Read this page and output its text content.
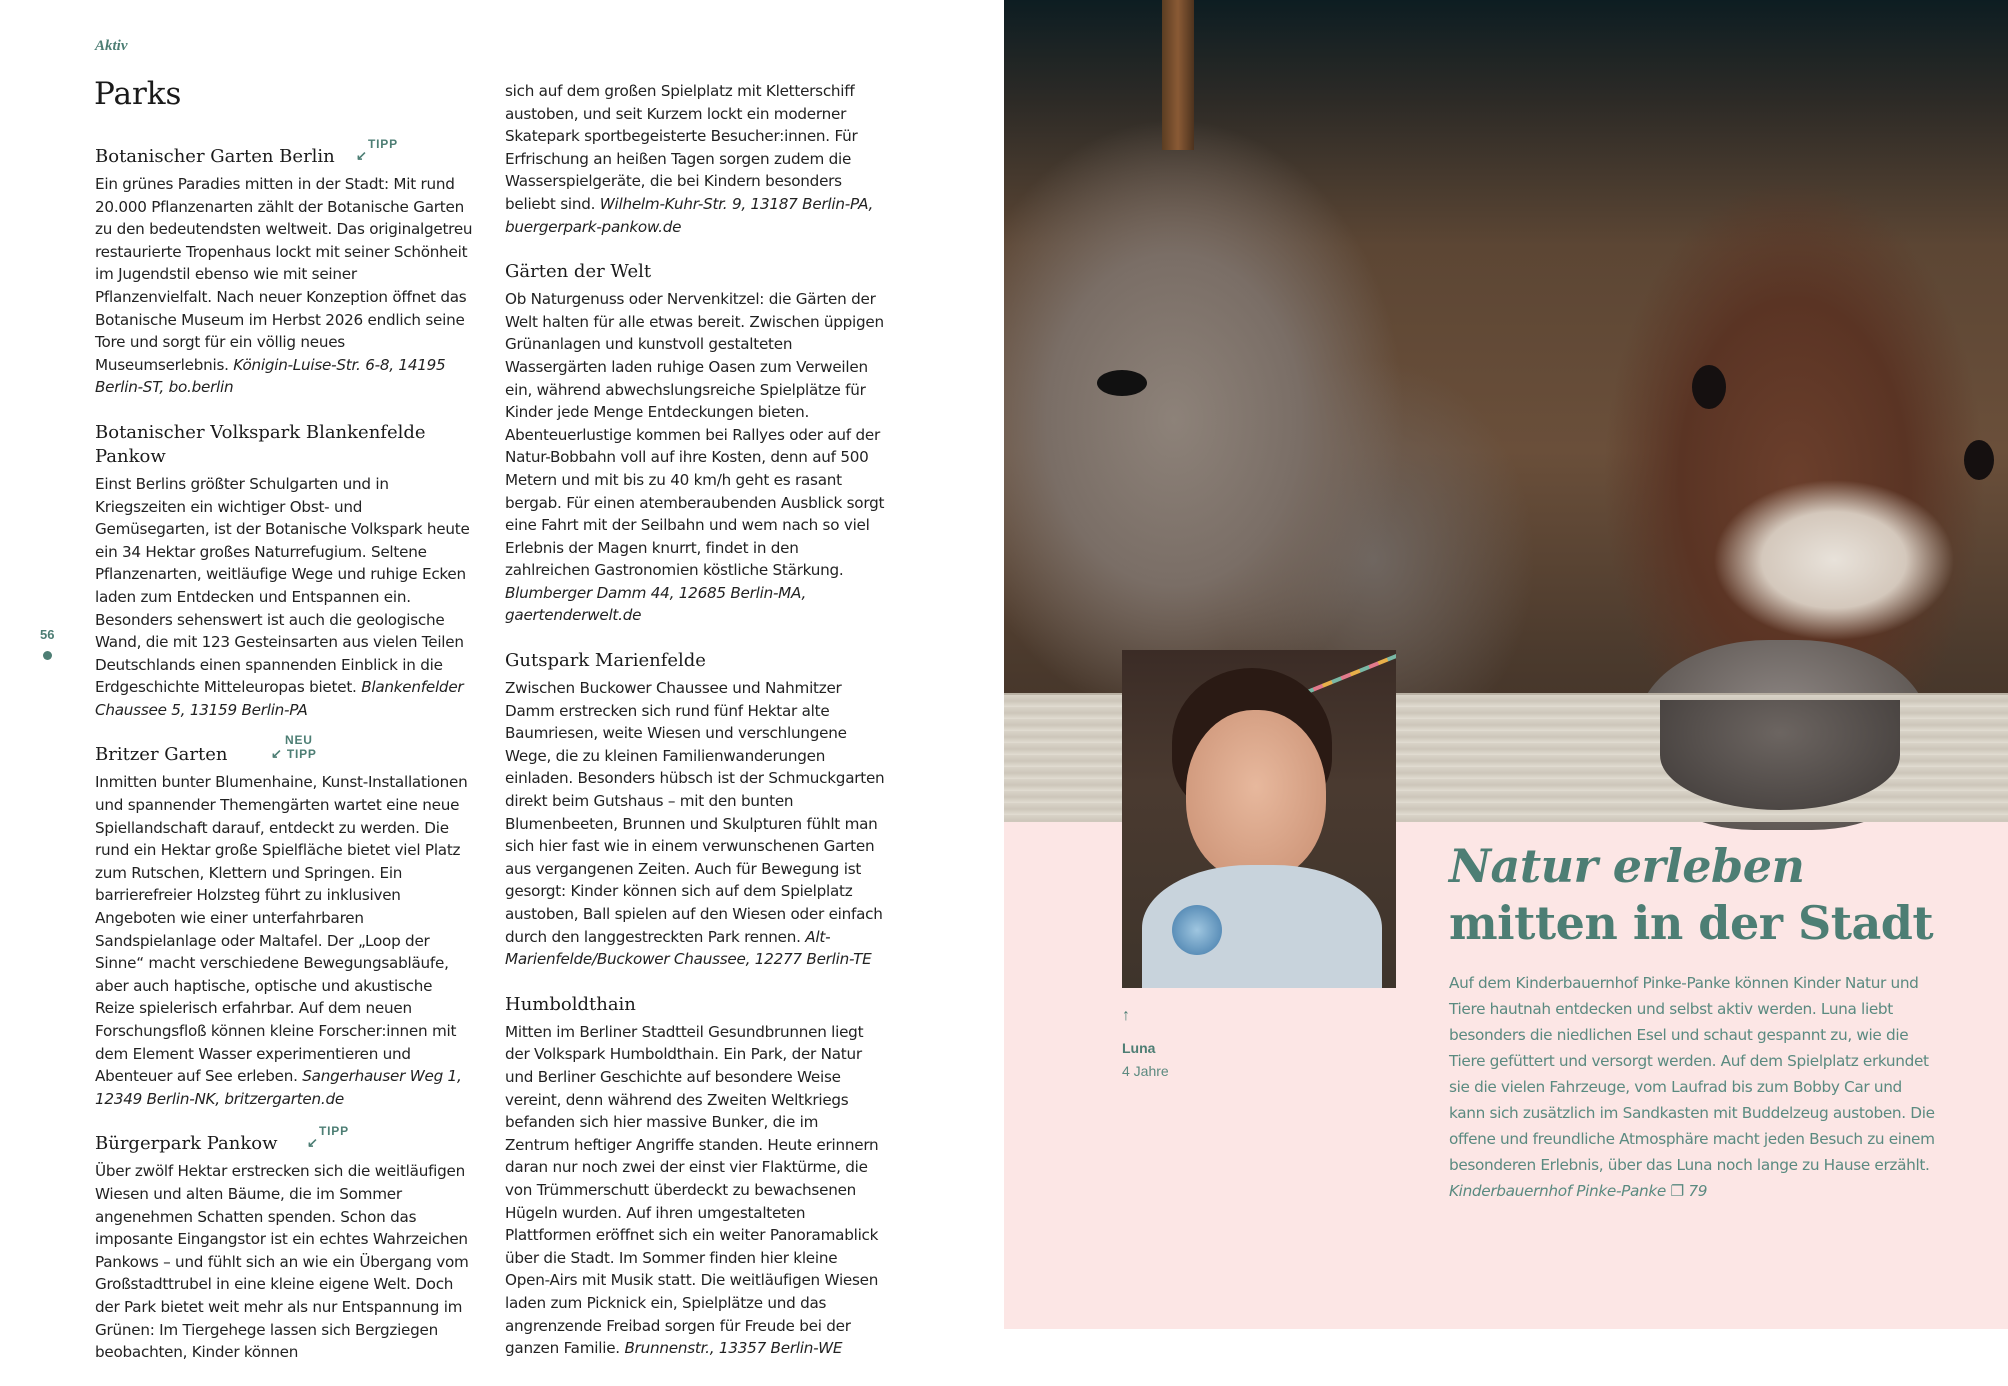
Aktiv
Parks
56
↙
TIPP
Botanischer Garten Berlin

Ein grünes Paradies mitten in der Stadt: Mit rund 20.000 Pflanzenarten zählt der Botanische Garten zu den bedeutendsten weltweit. Das originalgetreu restaurierte Tropenhaus lockt mit seiner Schönheit im Jugendstil ebenso wie mit seiner Pflanzenvielfalt. Nach neuer Konzeption öffnet das Botanische Museum im Herbst 2026 endlich seine Tore und sorgt für ein völlig neues Museumserlebnis. Königin-Luise-Str. 6-8, 14195 Berlin-ST, bo.berlin

Botanischer Volkspark Blankenfelde Pankow

Einst Berlins größter Schulgarten und in Kriegszeiten ein wichtiger Obst- und Gemüsegarten, ist der Botanische Volkspark heute ein 34 Hektar großes Naturrefugium. Seltene Pflanzenarten, weitläufige Wege und ruhige Ecken laden zum Entdecken und Entspannen ein. Besonders sehenswert ist auch die geologische Wand, die mit 123 Gesteinsarten aus vielen Teilen Deutschlands einen spannenden Einblick in die Erdgeschichte Mitteleuropas bietet. Blankenfelder Chaussee 5, 13159 Berlin-PA

NEU
↙ TIPP
Britzer Garten

Inmitten bunter Blumenhaine, Kunst-Installationen und spannender Themengärten wartet eine neue Spiellandschaft darauf, entdeckt zu werden. Die rund ein Hektar große Spielfläche bietet viel Platz zum Rutschen, Klettern und Springen. Ein barrierefreier Holzsteg führt zu inklusiven Angeboten wie einer unterfahrbaren Sandspielanlage oder Maltafel. Der „Loop der Sinne“ macht verschiedene Bewegungsabläufe, aber auch haptische, optische und akustische Reize spielerisch erfahrbar. Auf dem neuen Forschungsfloß können kleine Forscher:innen mit dem Element Wasser experimentieren und Abenteuer auf See erleben. Sangerhauser Weg 1, 12349 Berlin-NK, britzergarten.de

↙
TIPP
Bürgerpark Pankow

Über zwölf Hektar erstrecken sich die weitläufigen Wiesen und alten Bäume, die im Sommer angenehmen Schatten spenden. Schon das imposante Eingangstor ist ein echtes Wahrzeichen Pankows – und fühlt sich an wie ein Übergang vom Großstadttrubel in eine kleine eigene Welt. Doch der Park bietet weit mehr als nur Entspannung im Grünen: Im Tiergehege lassen sich Bergziegen beobachten, Kinder können

sich auf dem großen Spielplatz mit Kletterschiff austoben, und seit Kurzem lockt ein moderner Skatepark sportbegeisterte Besucher:innen. Für Erfrischung an heißen Tagen sorgen zudem die Wasserspielgeräte, die bei Kindern besonders beliebt sind. Wilhelm-Kuhr-Str. 9, 13187 Berlin-PA, buergerpark-pankow.de

Gärten der Welt

Ob Naturgenuss oder Nervenkitzel: die Gärten der Welt halten für alle etwas bereit. Zwischen üppigen Grünanlagen und kunstvoll gestalteten Wassergärten laden ruhige Oasen zum Verweilen ein, während abwechslungsreiche Spielplätze für Kinder jede Menge Entdeckungen bieten. Abenteuerlustige kommen bei Rallyes oder auf der Natur-Bobbahn voll auf ihre Kosten, denn auf 500 Metern und mit bis zu 40 km/h geht es rasant bergab. Für einen atemberaubenden Ausblick sorgt eine Fahrt mit der Seilbahn und wem nach so viel Erlebnis der Magen knurrt, findet in den zahlreichen Gastronomien köstliche Stärkung. Blumberger Damm 44, 12685 Berlin-MA, gaertenderwelt.de

Gutspark Marienfelde

Zwischen Buckower Chaussee und Nahmitzer Damm erstrecken sich rund fünf Hektar alte Baumriesen, weite Wiesen und verschlungene Wege, die zu kleinen Familienwanderungen einladen. Besonders hübsch ist der Schmuckgarten direkt beim Gutshaus – mit den bunten Blumenbeeten, Brunnen und Skulpturen fühlt man sich hier fast wie in einem verwunschenen Garten aus vergangenen Zeiten. Auch für Bewegung ist gesorgt: Kinder können sich auf dem Spielplatz austoben, Ball spielen auf den Wiesen oder einfach durch den langgestreckten Park rennen. Alt-Marienfelde/Buckower Chaussee, 12277 Berlin-TE

Humboldthain

Mitten im Berliner Stadtteil Gesundbrunnen liegt der Volkspark Humboldthain. Ein Park, der Natur und Berliner Geschichte auf besondere Weise vereint, denn während des Zweiten Weltkriegs befanden sich hier massive Bunker, die im Zentrum heftiger Angriffe standen. Heute erinnern daran nur noch zwei der einst vier Flaktürme, die von Trümmerschutt überdeckt zu bewachsenen Hügeln wurden. Auf ihren umgestalteten Plattformen eröffnet sich ein weiter Panoramablick über die Stadt. Im Sommer finden hier kleine Open-Airs mit Musik statt. Die weitläufigen Wiesen laden zum Picknick ein, Spielplätze und das angrenzende Freibad sorgen für Freude bei der ganzen Familie. Brunnenstr., 13357 Berlin-WE

↑
Luna
4 Jahre
Natur erleben
mitten in der Stadt

Auf dem Kinderbauernhof Pinke-Panke können Kinder Natur und Tiere hautnah entdecken und selbst aktiv werden. Luna liebt besonders die niedlichen Esel und schaut gespannt zu, wie die Tiere gefüttert und versorgt werden. Auf dem Spielplatz erkundet sie die vielen Fahrzeuge, vom Laufrad bis zum Bobby Car und kann sich zusätzlich im Sandkasten mit Buddelzeug austoben. Die offene und freundliche Atmosphäre macht jeden Besuch zu einem besonderen Erlebnis, über das Luna noch lange zu Hause erzählt. Kinderbauernhof Pinke-Panke ❐ 79
